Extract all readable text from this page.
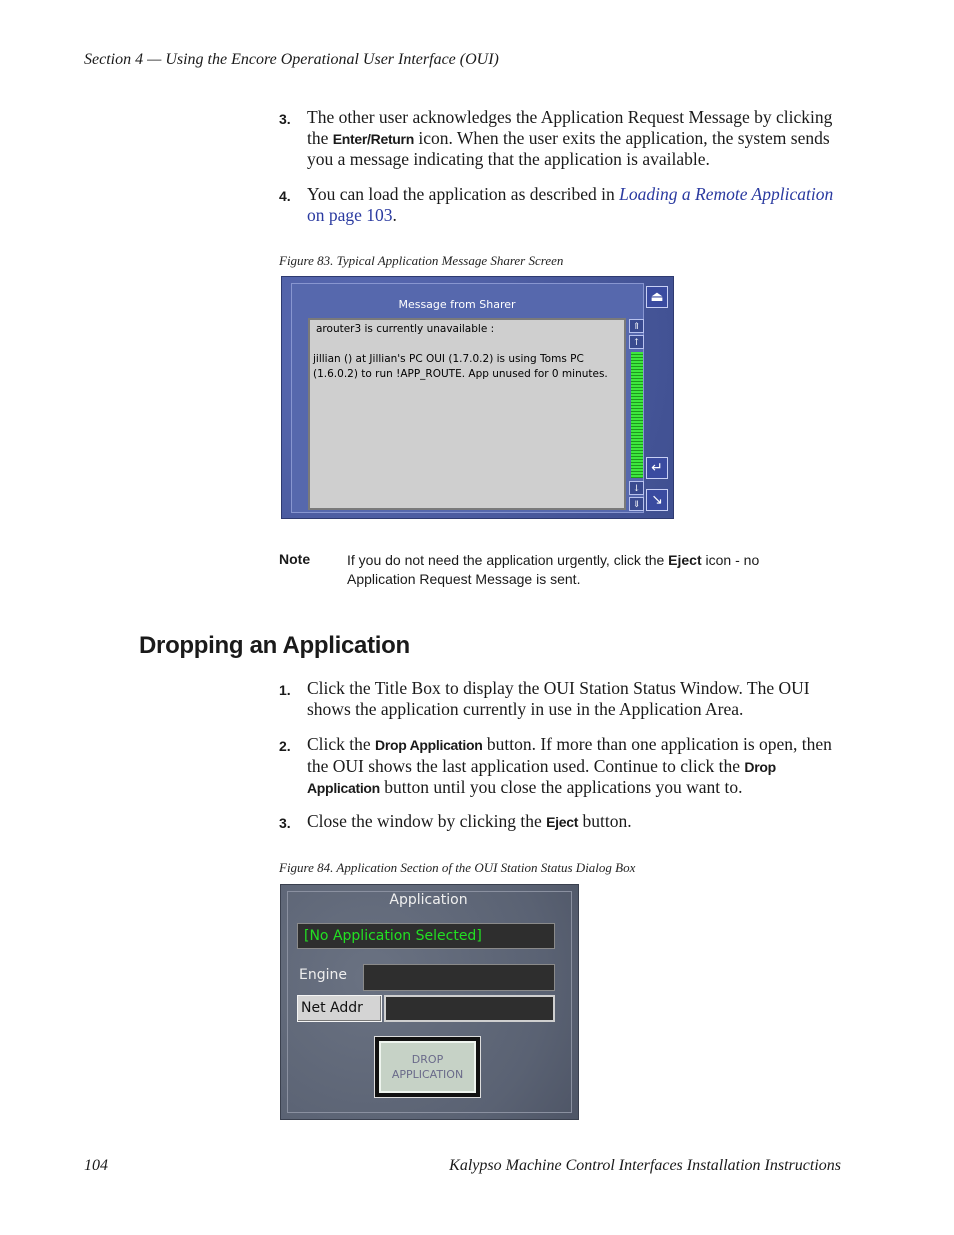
Section 4 — Using the Encore Operational User Interface (OUI)
3. The other user acknowledges the Application Request Message by clicking the Enter/Return icon. When the user exits the application, the system sends you a message indicating that the application is available.
4. You can load the application as described in Loading a Remote Application on page 103.
Figure 83. Typical Application Message Sharer Screen
Message from Sharer
arouter3 is currently unavailable :
jillian () at Jillian's PC OUI (1.7.0.2) is using Toms PC (1.6.0.2) to run !APP_ROUTE. App unused for 0 minutes.
⇑
↑
↓
⇓
⏏
↵
↘
Note	If you do not need the application urgently, click the Eject icon - no Application Request Message is sent.
Dropping an Application
1. Click the Title Box to display the OUI Station Status Window. The OUI shows the application currently in use in the Application Area.
2. Click the Drop Application button. If more than one application is open, then the OUI shows the last application used. Continue to click the Drop Application button until you close the applications you want to.
3. Close the window by clicking the Eject button.
Figure 84. Application Section of the OUI Station Status Dialog Box
Application
[No Application Selected]
Engine
Net Addr
DROP
APPLICATION
104	Kalypso Machine Control Interfaces Installation Instructions
